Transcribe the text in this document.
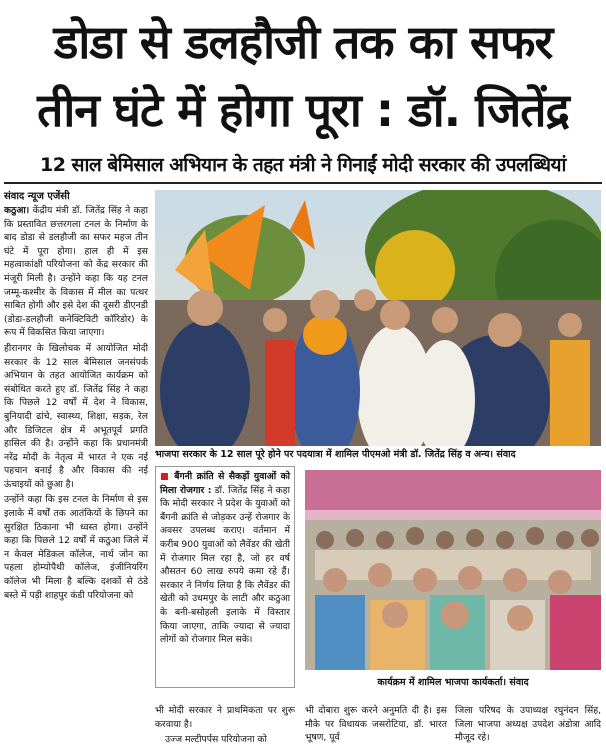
डोडा से डलहौजी तक का सफर
तीन घंटे में होगा पूरा : डॉ. जितेंद्र
12 साल बेमिसाल अभियान के तहत मंत्री ने गिनाईं मोदी सरकार की उपलब्धियां
संवाद न्यूज एजेंसी

कठुआ। केंद्रीय मंत्री डॉ. जितेंद्र सिंह ने कहा कि प्रस्तावित छत्तरगला टनल के निर्माण के बाद डोडा से डलहौजी का सफर महज तीन घंटे में पूरा होगा। हाल ही में इस महत्वाकांक्षी परियोजना को केंद्र सरकार की मंजूरी मिली है। उन्होंने कहा कि यह टनल जम्मू-कश्मीर के विकास में मील का पत्थर साबित होगी और इसे देश की दूसरी डीएनडी (डोडा-डलहौजी कनेक्टिविटी कॉरिडोर) के रूप में विकसित किया जाएगा।

हीरानगर के खिलोचक में आयोजित मोदी सरकार के 12 साल बेमिसाल जनसंपर्क अभियान के तहत आयोजित कार्यक्रम को संबोधित करते हुए डॉ. जितेंद्र सिंह ने कहा कि पिछले 12 वर्षों में देश ने विकास, बुनियादी ढांचे, स्वास्थ्य, शिक्षा, सड़क, रेल और डिजिटल क्षेत्र में अभूतपूर्व प्रगति हासिल की है। उन्होंने कहा कि प्रधानमंत्री नरेंद्र मोदी के नेतृत्व में भारत ने एक नई पहचान बनाई है और विकास की नई ऊंचाइयों को छुआ है।

उन्होंने कहा कि इस टनल के निर्माण से इस इलाके में वर्षों तक आतंकियों के छिपने का सुरक्षित ठिकाना भी ध्वस्त होगा। उन्होंने कहा कि पिछले 12 वर्षों में कठुआ जिले में न केवल मेडिकल कॉलेज, नार्थ जोन का पहला होम्योपैथी कॉलेज, इंजीनियरिंग कॉलेज भी मिला है बल्कि दशकों से ठंडे बस्ते में पड़ी शाहपुर कंडी परियोजना को

भाजपा सरकार के 12 साल पूरे होने पर पदयात्रा में शामिल पीएमओ मंत्री डॉ. जितेंद्र सिंह व अन्य। संवाद
■ बैंगनी क्रांति से सैकड़ों युवाओं को मिला रोजगार : डॉ. जितेंद्र सिंह ने कहा कि मोदी सरकार ने प्रदेश के युवाओं को बैंगनी क्रांति से जोड़कर उन्हें रोजगार के अवसर उपलब्ध कराए। वर्तमान में करीब 900 युवाओं को लैवेंडर की खेती में रोजगार मिल रहा है, जो हर वर्ष औसतन 60 लाख रुपये कमा रहे हैं। सरकार ने निर्णय लिया है कि लैवेंडर की खेती को उधमपुर के लाटी और कठुआ के बनी-बसोहली इलाके में विस्तार किया जाएगा, ताकि ज्यादा से ज्यादा लोगों को रोजगार मिल सके।
कार्यक्रम में शामिल भाजपा कार्यकर्ता। संवाद

भी मोदी सरकार ने प्राथमिकता पर शुरू करवाया है।

उज्ज मल्टीपर्पस परियोजना को

भी दोबारा शुरू करने अनुमति दी है। इस मौके पर विधायक जसरोटिया, डॉ. भारत भूषण, पूर्व
जिला परिषद के उपाध्यक्ष रघुनंदन सिंह, जिला भाजपा अध्यक्ष उपदेश अंडोत्रा आदि मौजूद रहे।
